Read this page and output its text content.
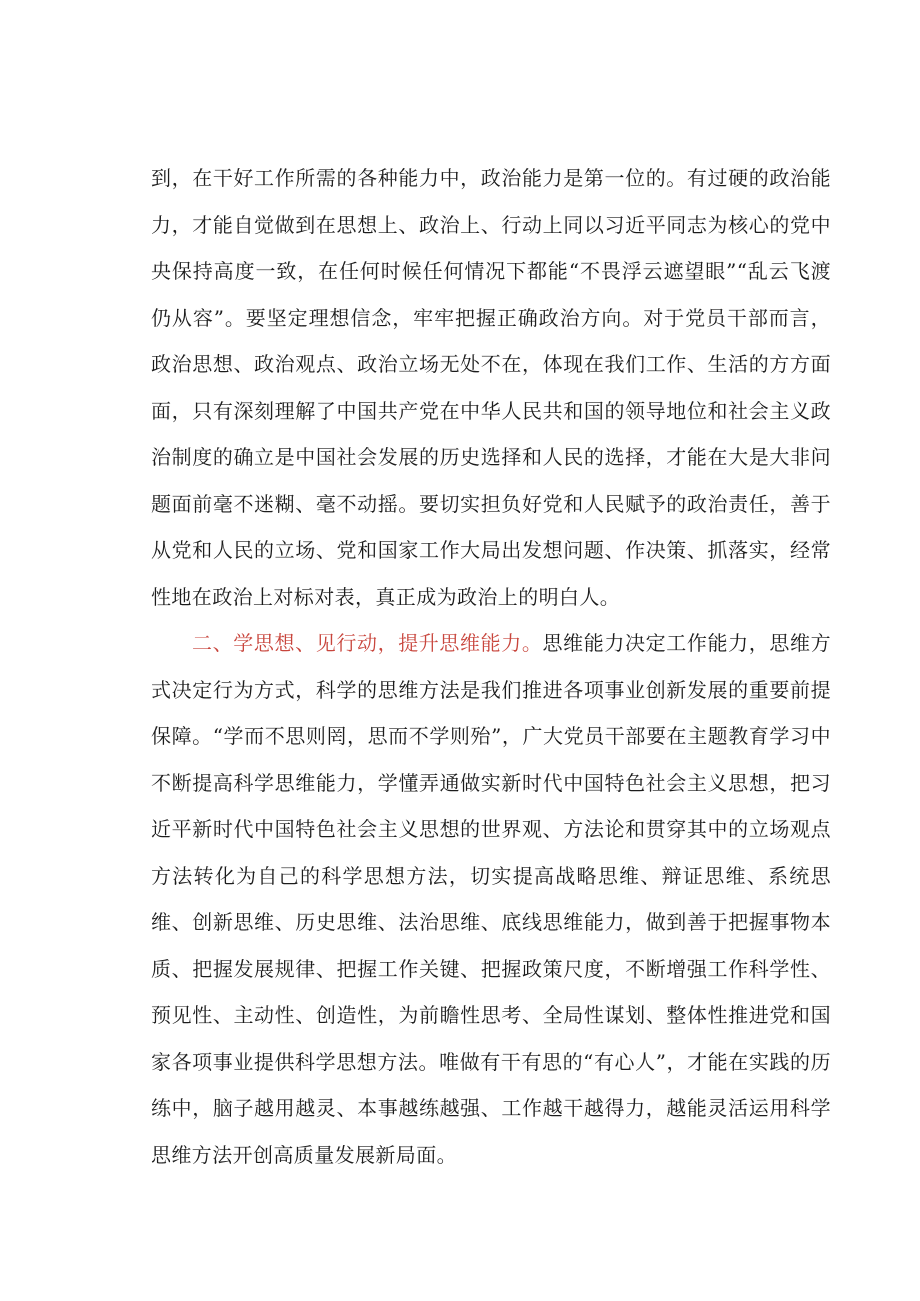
到，在干好工作所需的各种能力中，政治能力是第一位的。有过硬的政治能力，才能自觉做到在思想上、政治上、行动上同以习近平同志为核心的党中央保持高度一致，在任何时候任何情况下都能“不畏浮云遮望眼”“乱云飞渡仍从容”。要坚定理想信念，牢牢把握正确政治方向。对于党员干部而言，政治思想、政治观点、政治立场无处不在，体现在我们工作、生活的方方面面，只有深刻理解了中国共产党在中华人民共和国的领导地位和社会主义政治制度的确立是中国社会发展的历史选择和人民的选择，才能在大是大非问题面前毫不迷糊、毫不动摇。要切实担负好党和人民赋予的政治责任，善于从党和人民的立场、党和国家工作大局出发想问题、作决策、抓落实，经常性地在政治上对标对表，真正成为政治上的明白人。

二、学思想、见行动，提升思维能力。思维能力决定工作能力，思维方式决定行为方式，科学的思维方法是我们推进各项事业创新发展的重要前提保障。“学而不思则罔，思而不学则殆”，广大党员干部要在主题教育学习中不断提高科学思维能力，学懂弄通做实新时代中国特色社会主义思想，把习近平新时代中国特色社会主义思想的世界观、方法论和贯穿其中的立场观点方法转化为自己的科学思想方法，切实提高战略思维、辩证思维、系统思维、创新思维、历史思维、法治思维、底线思维能力，做到善于把握事物本质、把握发展规律、把握工作关键、把握政策尺度，不断增强工作科学性、预见性、主动性、创造性，为前瞻性思考、全局性谋划、整体性推进党和国家各项事业提供科学思想方法。唯做有干有思的“有心人”，才能在实践的历练中，脑子越用越灵、本事越练越强、工作越干越得力，越能灵活运用科学思维方法开创高质量发展新局面。
